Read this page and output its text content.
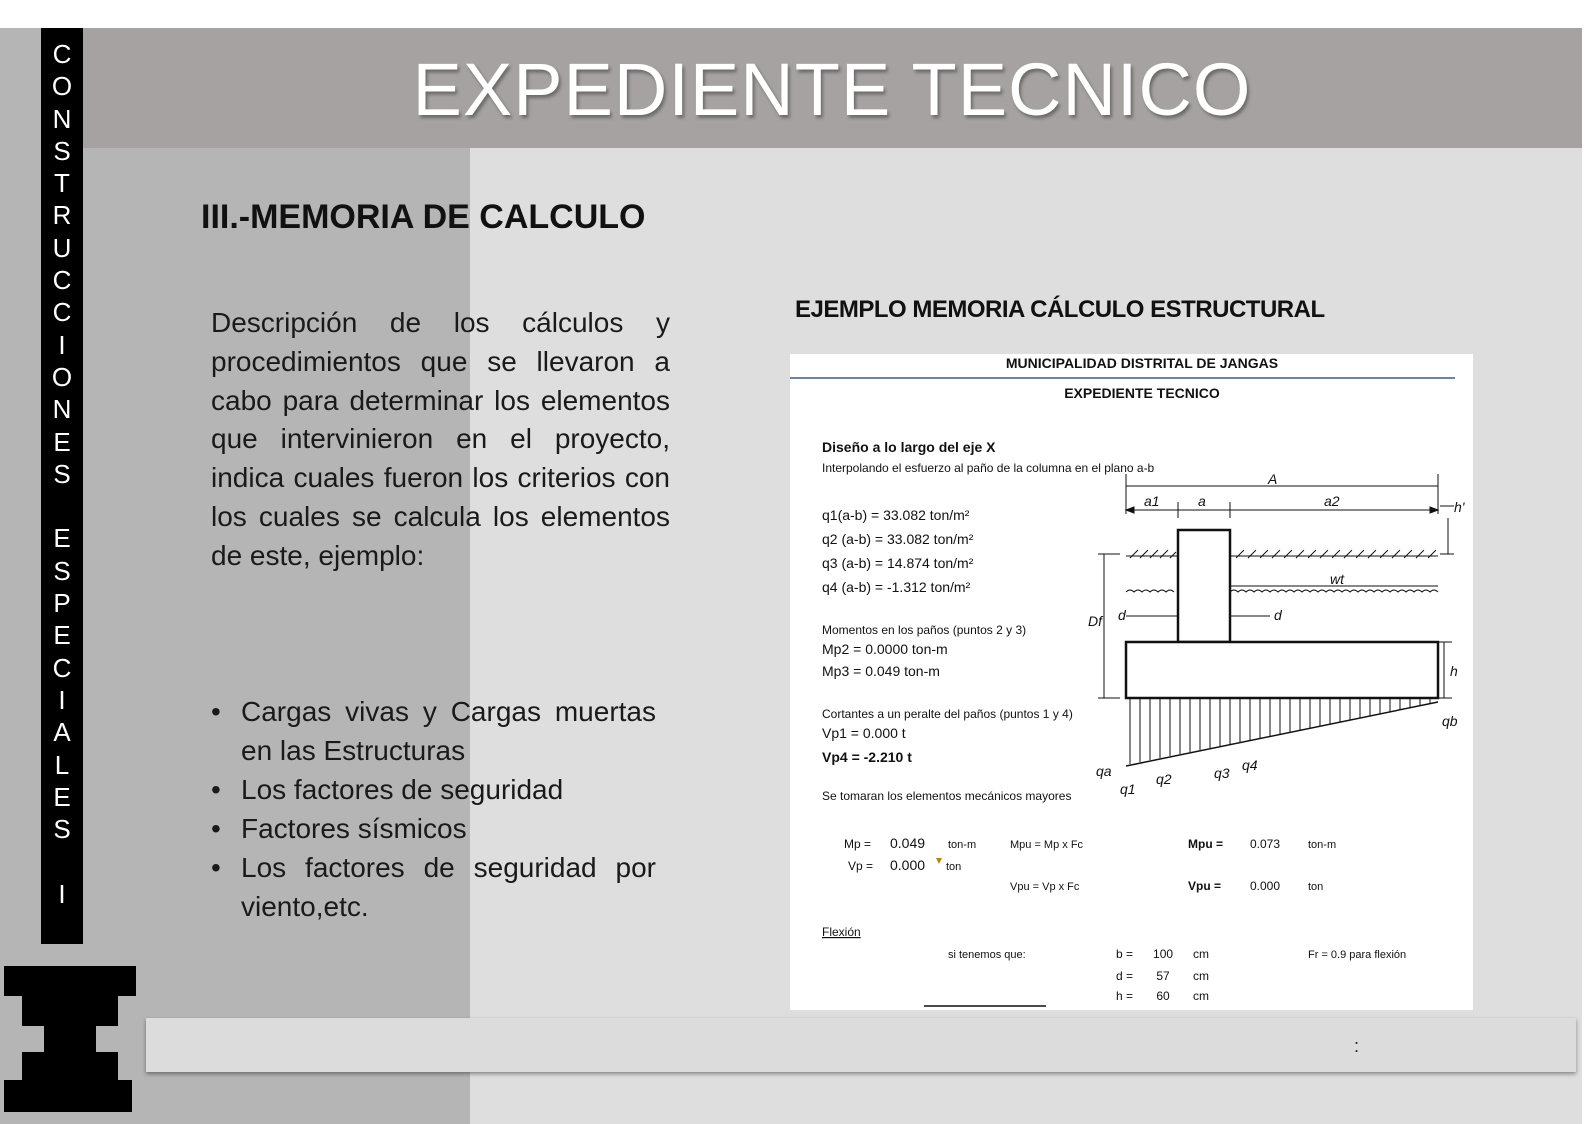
EXPEDIENTE TECNICO
C
O
N
S
T
R
U
C
C
I
O
N
E
S

E
S
P
E
C
I
A
L
E
S

I
III.-MEMORIA DE CALCULO
Descripción de los cálculos y procedimientos que se llevaron a cabo para determinar los elementos que intervinieron en el proyecto, indica cuales fueron los criterios con los cuales se calcula los elementos de este, ejemplo:
• Cargas vivas y Cargas muertas en las Estructuras
• Los factores de seguridad
• Factores sísmicos
• Los factores de seguridad por viento,etc.
EJEMPLO MEMORIA CÁLCULO ESTRUCTURAL
MUNICIPALIDAD DISTRITAL DE JANGAS
EXPEDIENTE TECNICO
Diseño a lo largo del eje X
Interpolando el esfuerzo al paño de la columna en el plano a-b
q1(a-b) = 33.082 ton/m²
q2 (a-b) = 33.082 ton/m²
q3 (a-b) = 14.874 ton/m²
q4 (a-b) = -1.312 ton/m²
Momentos en los paños (puntos 2 y 3)
Mp2 = 0.0000 ton-m
Mp3 = 0.049 ton-m
Cortantes a un peralte del paños (puntos 1 y 4)
Vp1 = 0.000 t
Vp4 = -2.210 t
Se tomaran los elementos mecánicos mayores
Mp = 0.049 ton-m	Mpu = Mp x Fc	Mpu = 0.073	ton-m
Vp = 0.000 ton
Vpu = Vp x Fc	Vpu = 0.000	ton
Flexión
si tenemos que:	b =      100      cm	Fr = 0.9 para flexión
d =       57       cm
h =       60       cm
A
a1	a	a2	h'
wt
Df d	d
h
qa
q1
q2	q3 q4
qb
:
